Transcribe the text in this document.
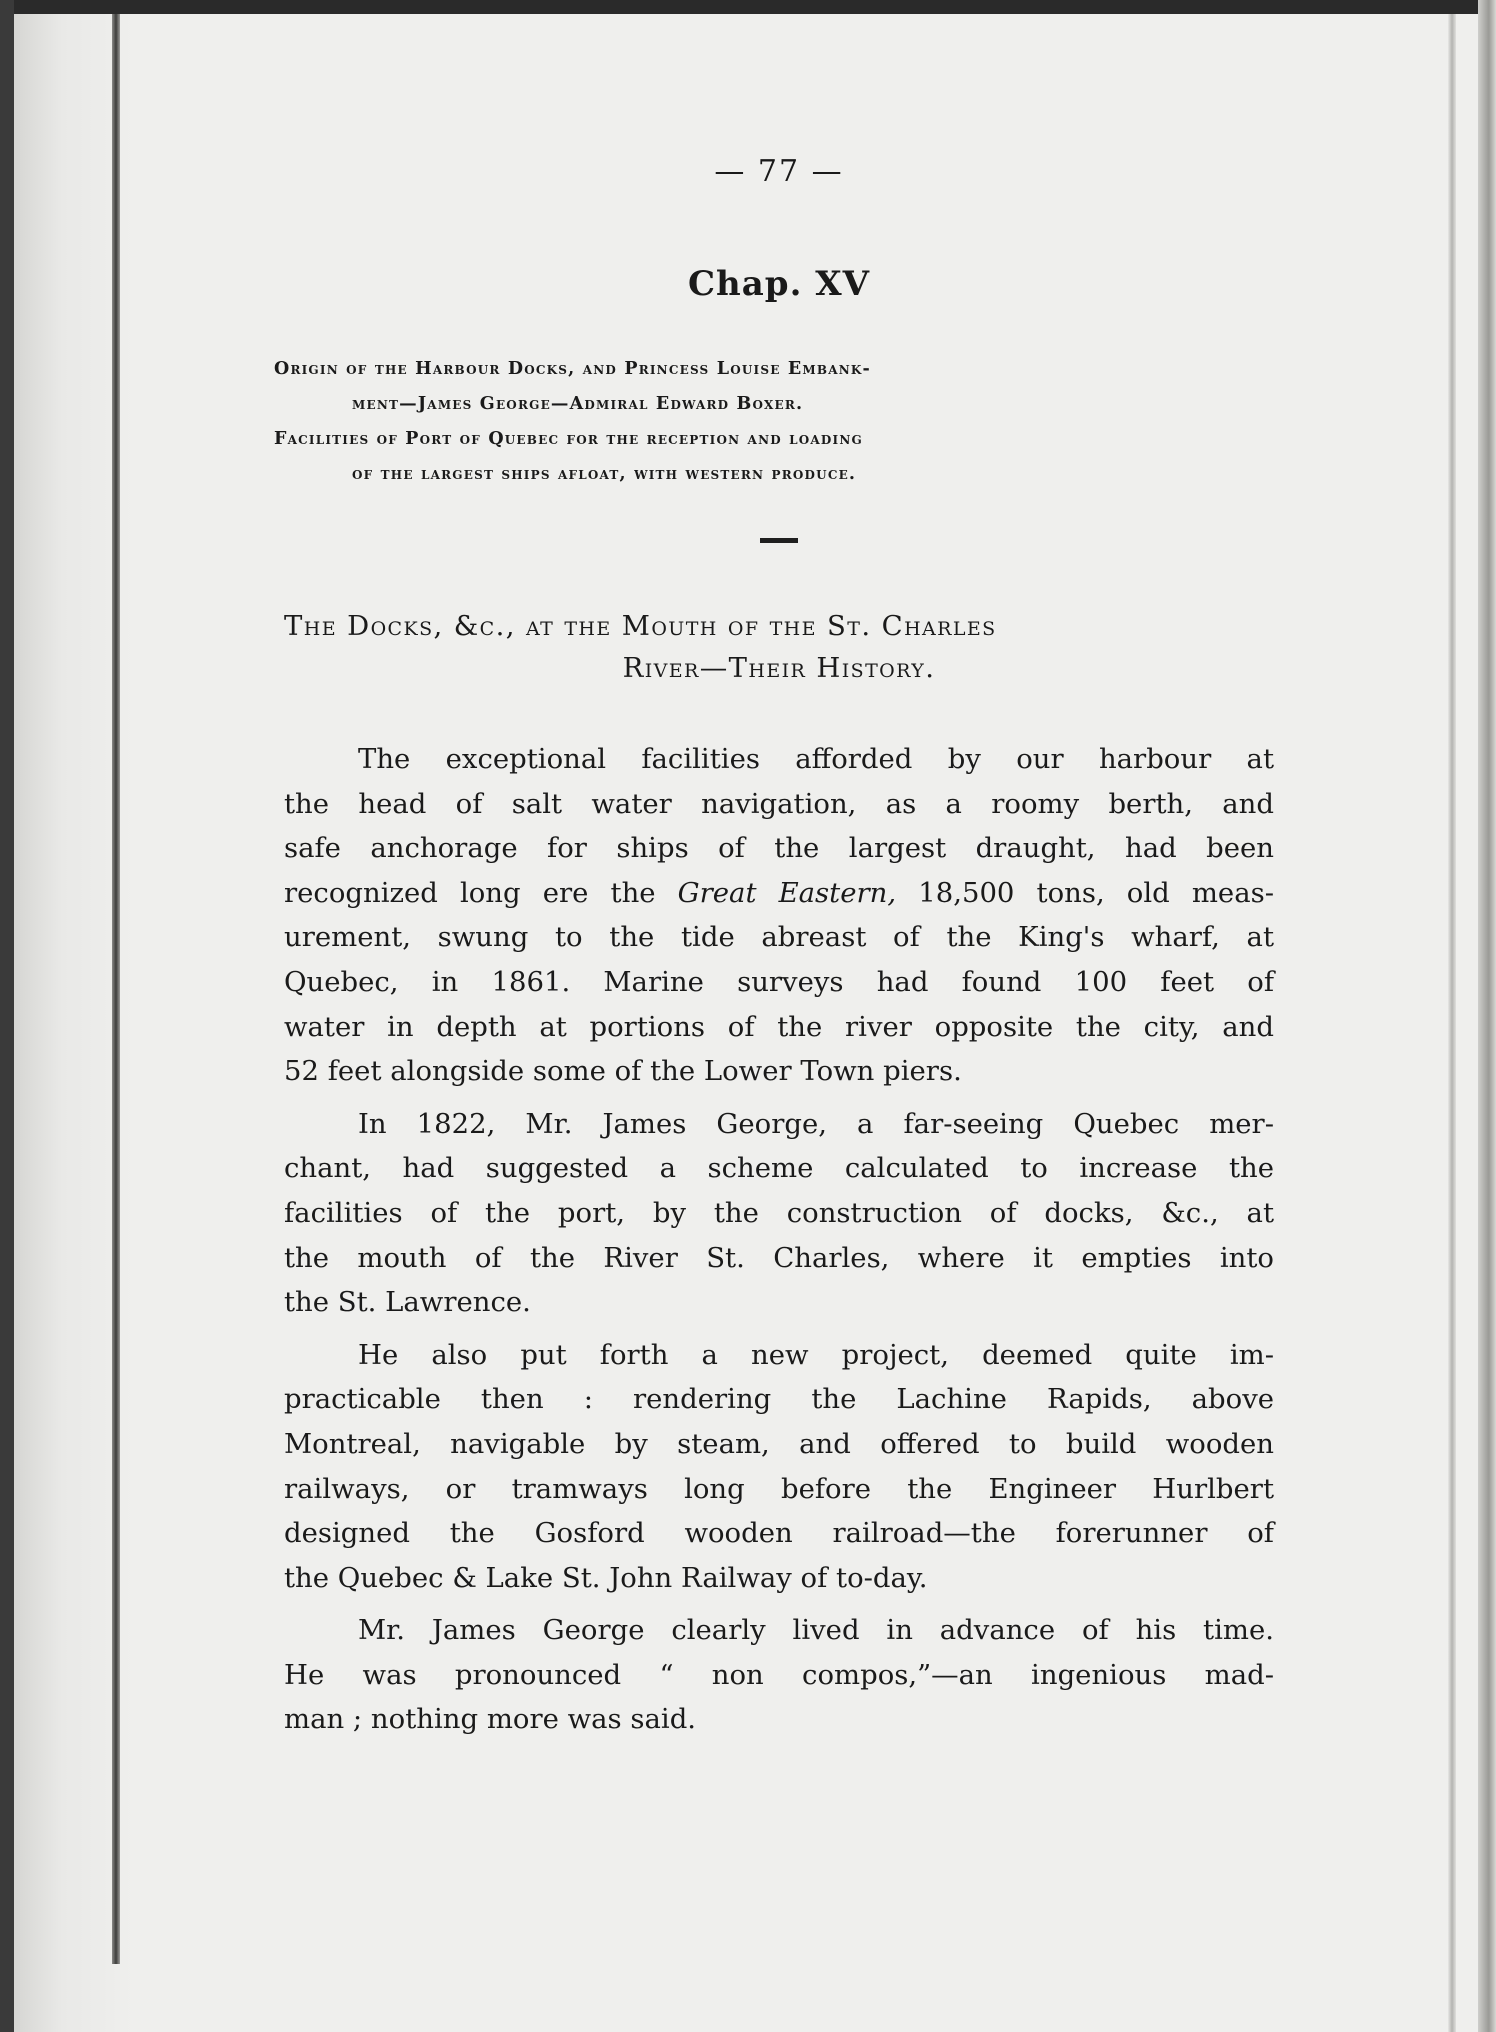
— 77 —
Chap. XV

Origin of the Harbour Docks, and Princess Louise Embank-

ment—James George—Admiral Edward Boxer.

Facilities of Port of Quebec for the reception and loading

of the largest ships afloat, with western produce.

The Docks, &c., at the Mouth of the St. Charles

River—Their History.

The exceptional facilities afforded by our harbour at
the head of salt water navigation, as a roomy berth, and
safe anchorage for ships of the largest draught, had been
recognized long ere the Great Eastern, 18,500 tons, old meas-
urement, swung to the tide abreast of the King's wharf, at
Quebec, in 1861. Marine surveys had found 100 feet of
water in depth at portions of the river opposite the city, and
52 feet alongside some of the Lower Town piers.

In 1822, Mr. James George, a far-seeing Quebec mer-
chant, had suggested a scheme calculated to increase the
facilities of the port, by the construction of docks, &c., at
the mouth of the River St. Charles, where it empties into
the St. Lawrence.

He also put forth a new project, deemed quite im-
practicable then : rendering the Lachine Rapids, above
Montreal, navigable by steam, and offered to build wooden
railways, or tramways long before the Engineer Hurlbert
designed the Gosford wooden railroad—the forerunner of
the Quebec & Lake St. John Railway of to-day.

Mr. James George clearly lived in advance of his time.
He was pronounced “ non compos,”—an ingenious mad-
man ; nothing more was said.
